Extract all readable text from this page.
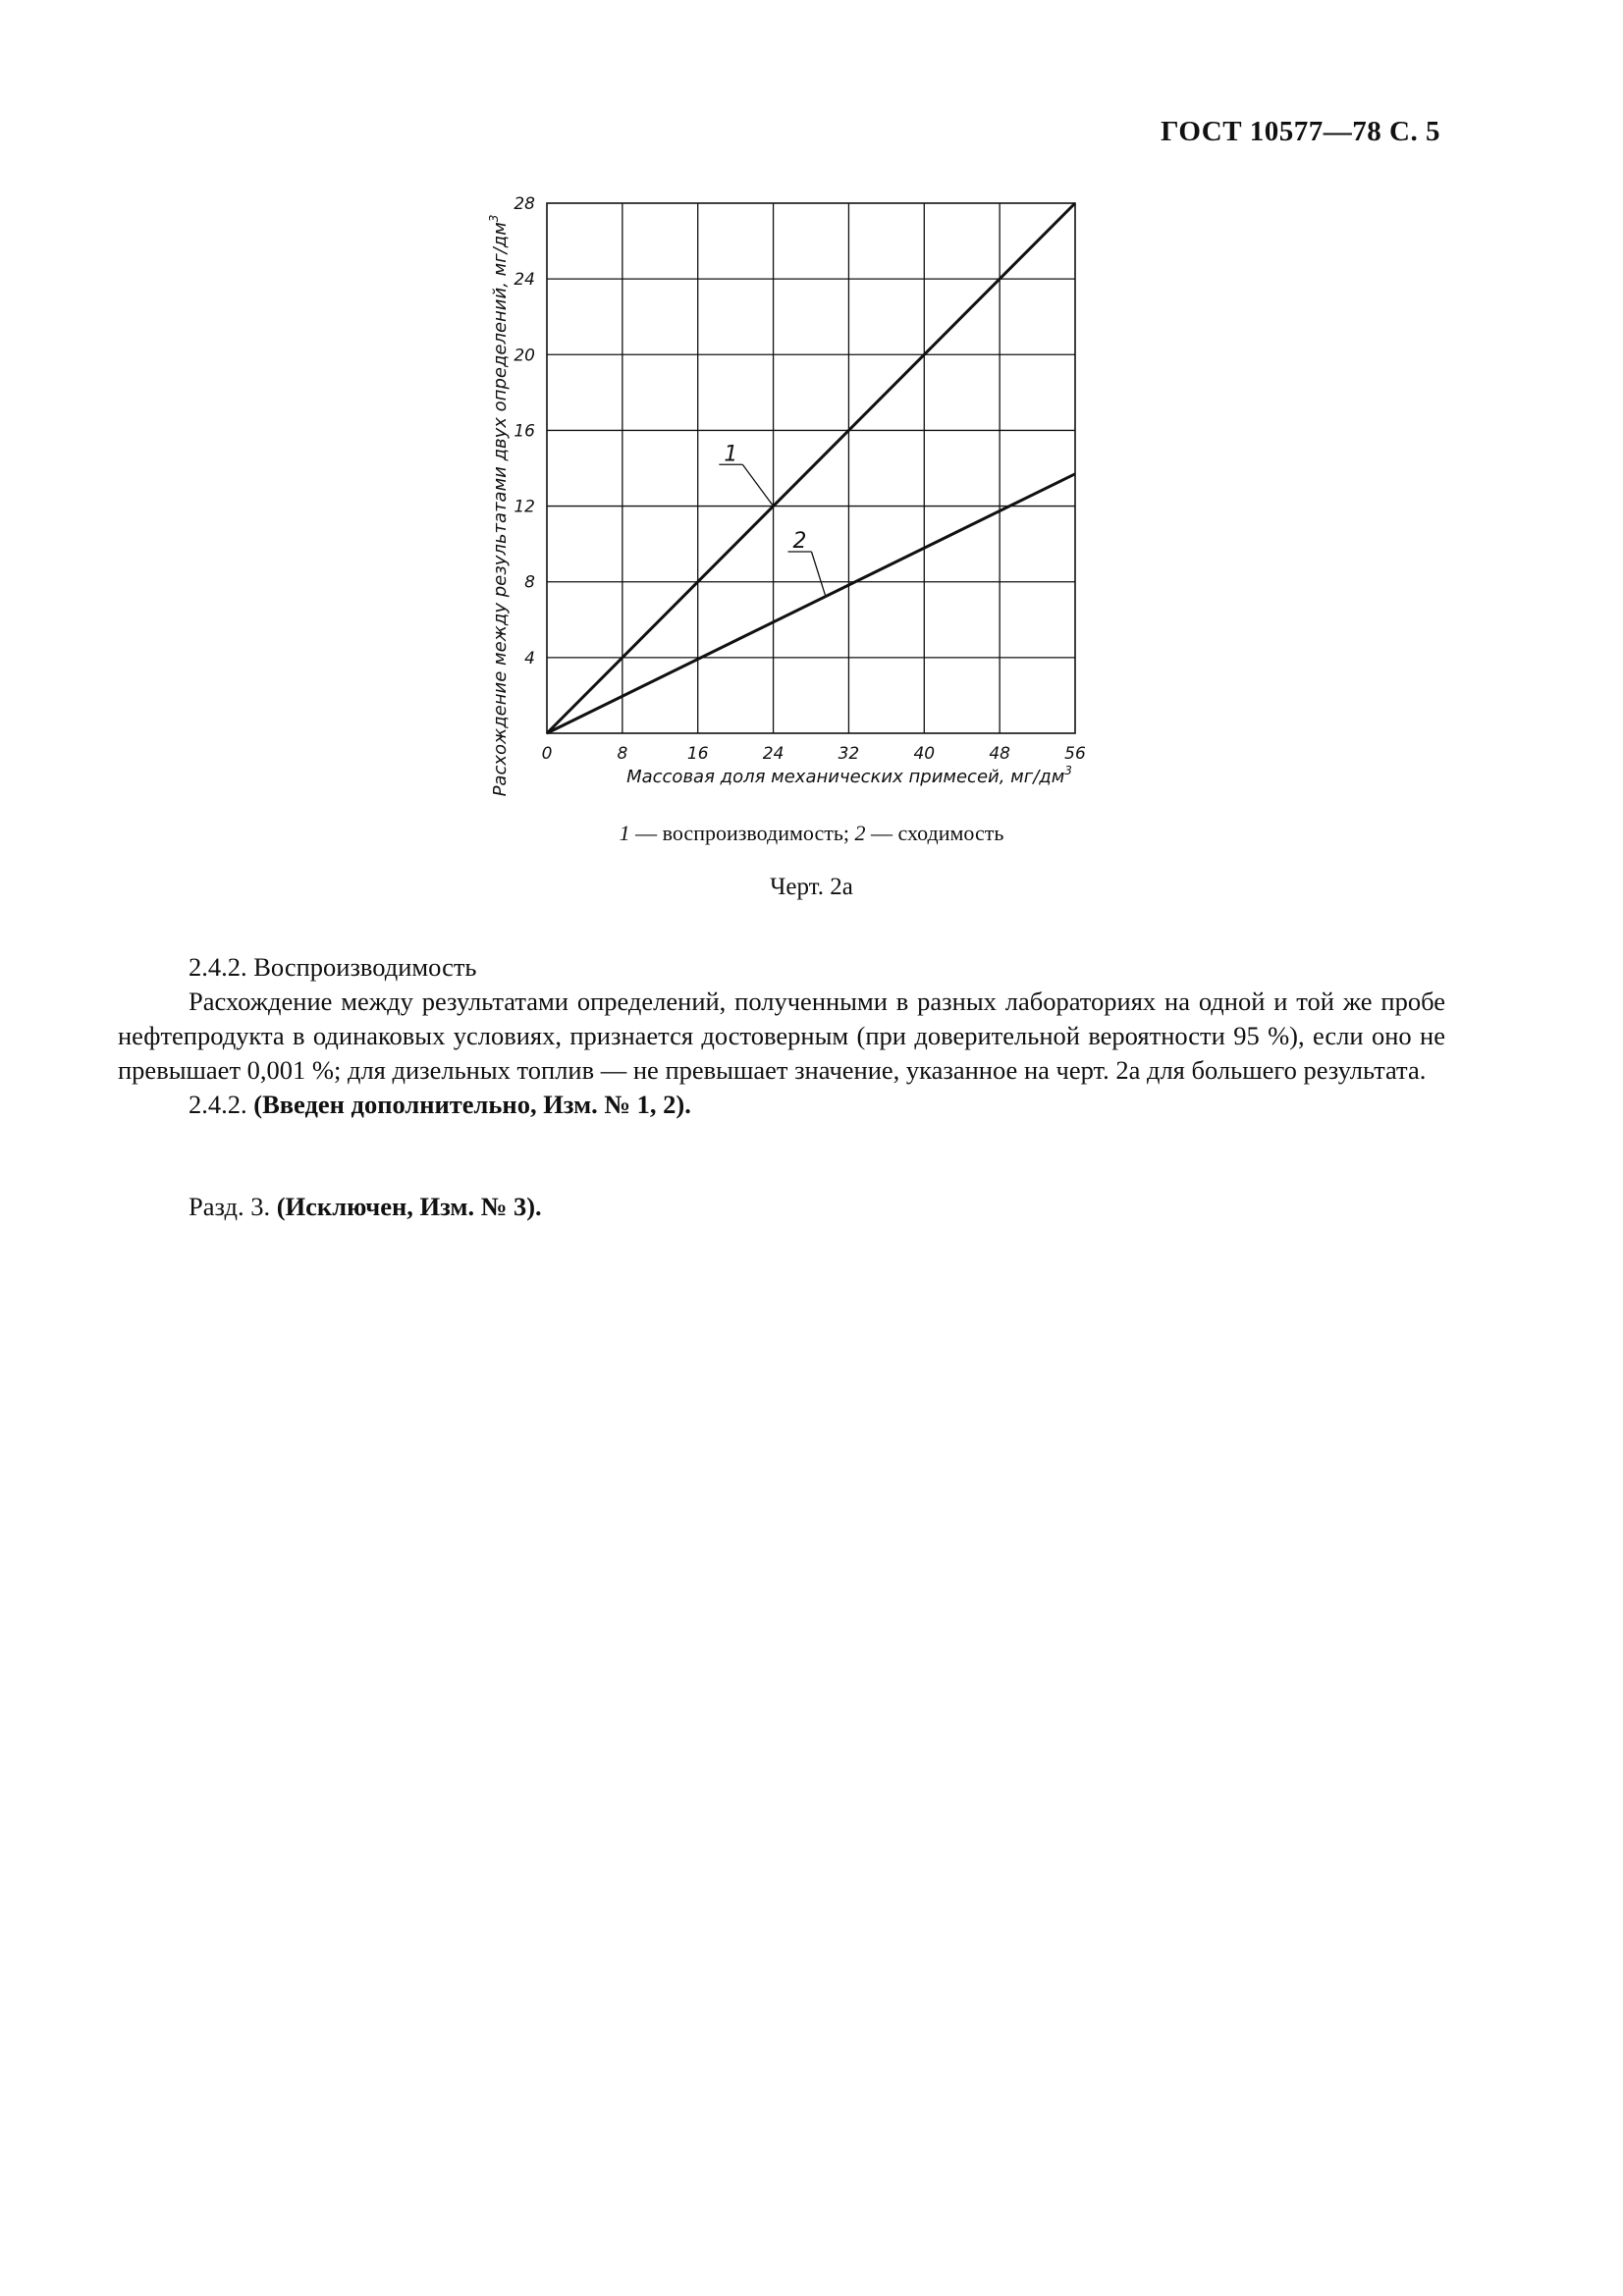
ГОСТ 10577—78 С. 5
0	8	16	24	32	40	48	56
4
8
12
16
20
24
28
1
2
Массовая доля механических примесей, $мг/дм^3$
Расхождение между результатами двух определений, $мг/дм^3$
1 — воспроизводимость; 2 — сходимость
Черт. 2а

2.4.2. Воспроизводимость

Расхождение между результатами определений, полученными в разных лабораториях на одной и той же пробе нефтепродукта в одинаковых условиях, признается достоверным (при доверительной вероятности 95 %), если оно не превышает 0,001 %; для дизельных топлив — не превышает значение, указанное на черт. 2а для большего результата.

2.4.2. (Введен дополнительно, Изм. № 1, 2).

Разд. 3. (Исключен, Изм. № 3).
